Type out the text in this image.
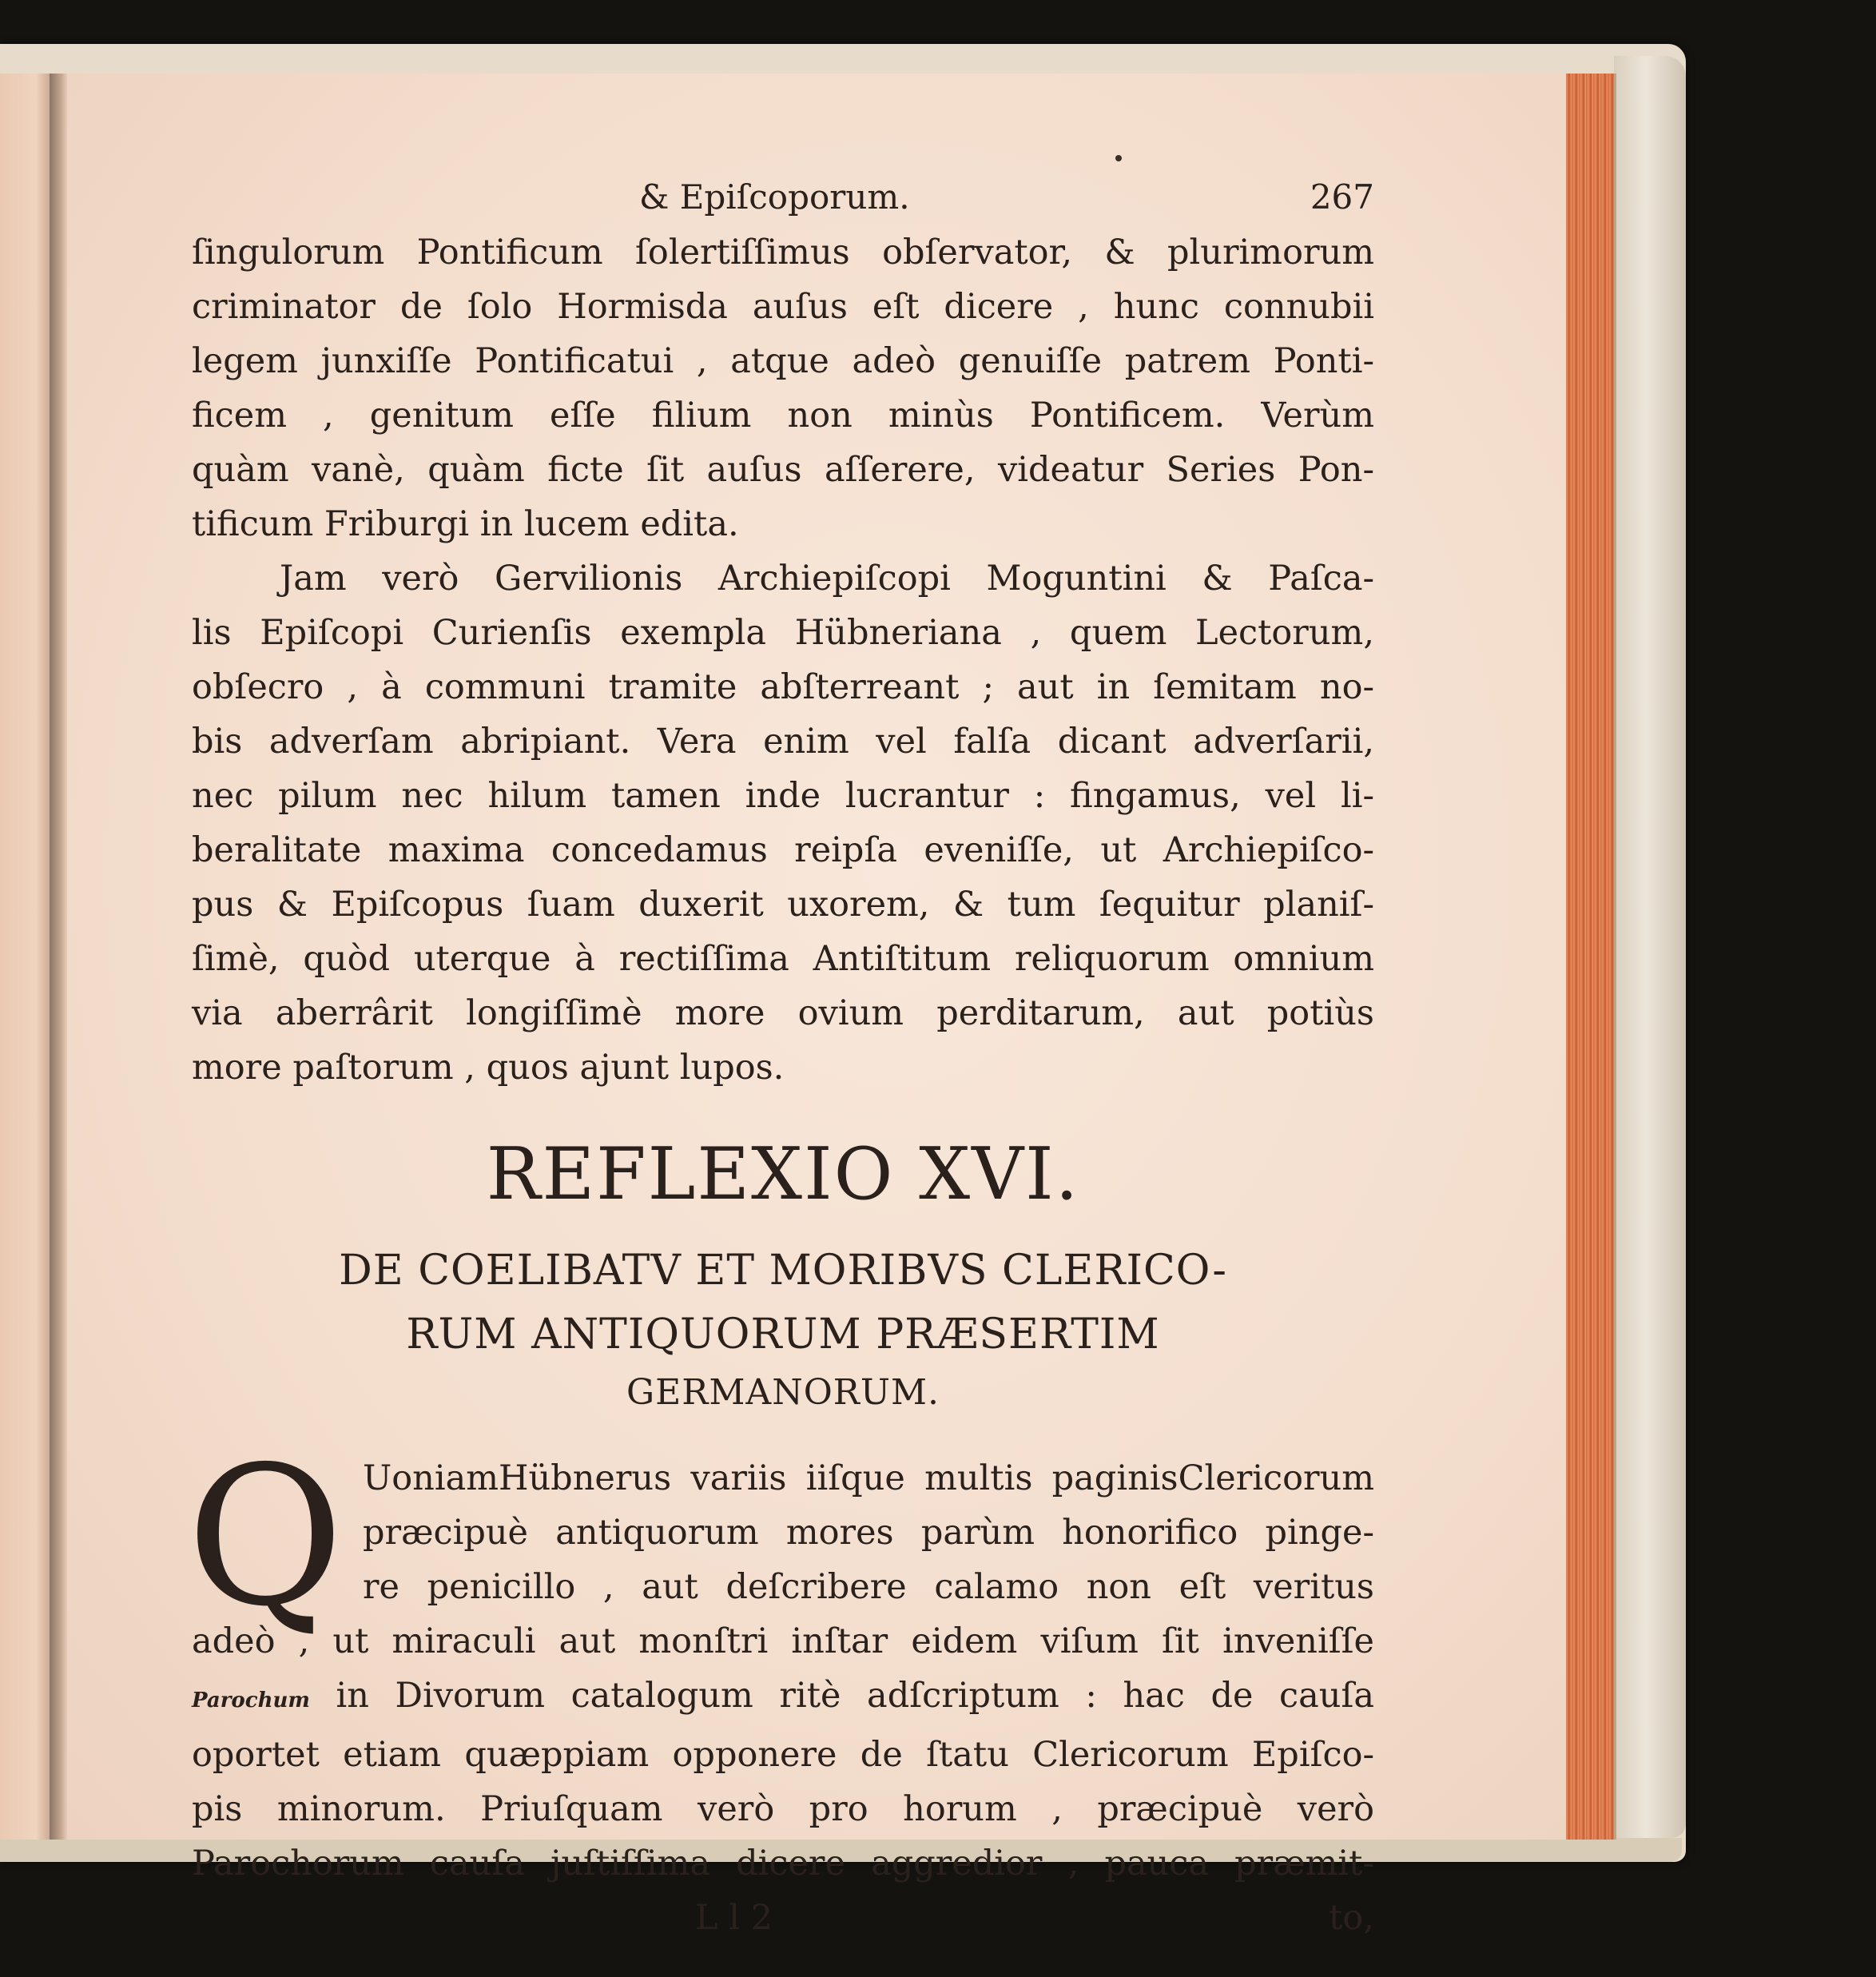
& Epiſcoporum.	267

ſingulorum Pontificum ſolertiſſimus obſervator, & plurimorum
criminator de ſolo Hormisda auſus eſt dicere , hunc connubii
legem junxiſſe Pontificatui , atque adeò genuiſſe patrem Ponti-
ficem , genitum eſſe filium non minùs Pontificem. Verùm
quàm vanè, quàm ficte ſit auſus aſſerere, videatur Series Pon-
tificum Friburgi in lucem edita.

Jam verò Gervilionis Archiepiſcopi Moguntini & Paſca-
lis Epiſcopi Curienſis exempla Hübneriana , quem Lectorum,
obſecro , à communi tramite abſterreant ; aut in ſemitam no-
bis adverſam abripiant. Vera enim vel falſa dicant adverſarii,
nec pilum nec hilum tamen inde lucrantur : fingamus, vel li-
beralitate maxima concedamus reipſa eveniſſe, ut Archiepiſco-
pus & Epiſcopus ſuam duxerit uxorem, & tum ſequitur planiſ-
ſimè, quòd uterque à rectiſſima Antiſtitum reliquorum omnium
via aberrârit longiſſimè more ovium perditarum, aut potiùs
more paſtorum , quos ajunt lupos.

REFLEXIO XVI.

DE COELIBATV ET MORIBVS CLERICO-

RUM ANTIQUORUM PRÆSERTIM

GERMANORUM.

Q UoniamHübnerus variis iiſque multis paginisClericorum
præcipuè antiquorum mores parùm honorifico pinge-
re penicillo , aut deſcribere calamo non eſt veritus
adeò , ut miraculi aut monſtri inſtar eidem viſum ſit inveniſſe
Parochum in Divorum catalogum ritè adſcriptum : hac de cauſa
oportet etiam quæppiam opponere de ſtatu Clericorum Epiſco-
pis minorum. Priuſquam verò pro horum , præcipuè verò
Parochorum cauſa juſtiſſima dicere aggredior , pauca præmit-

L l 2	to,
